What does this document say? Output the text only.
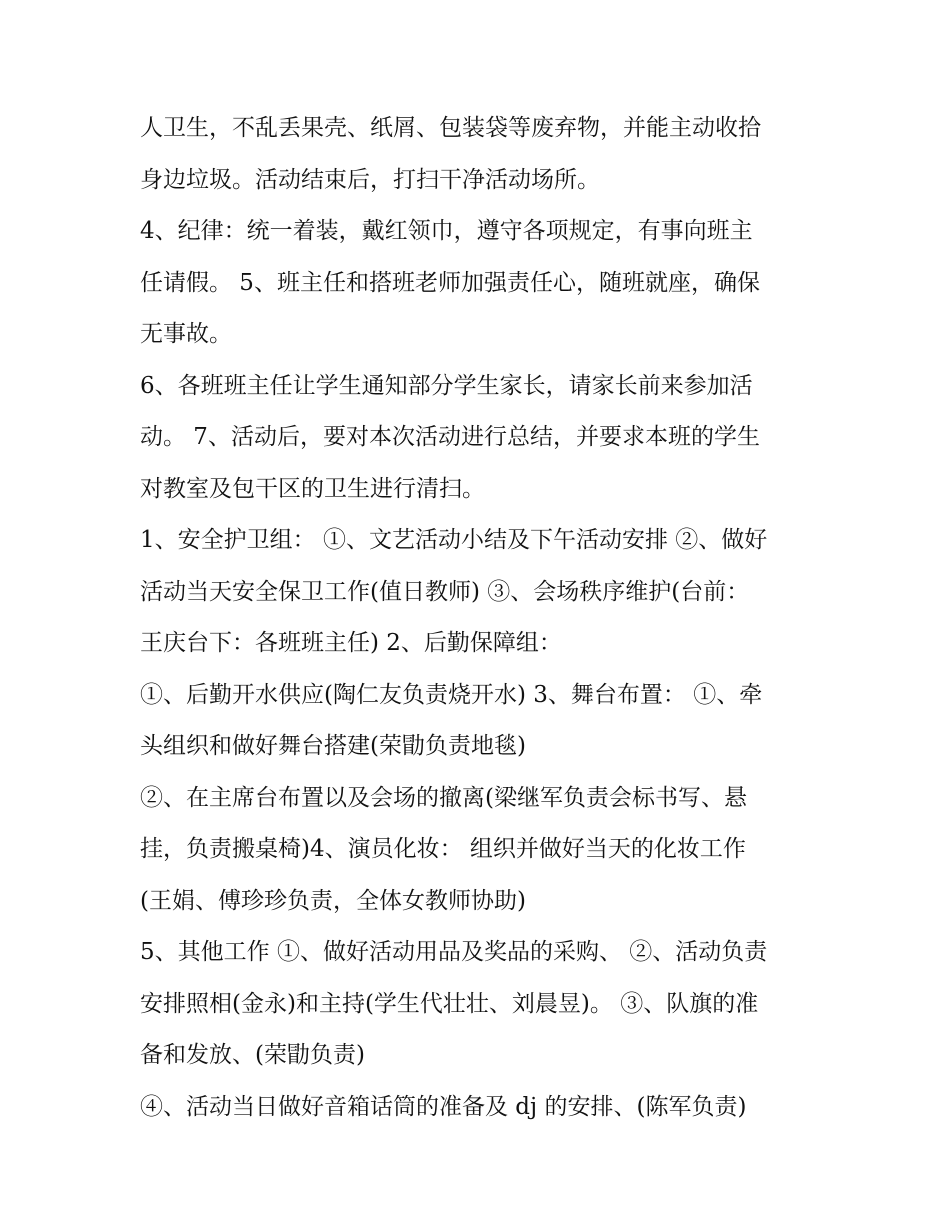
人卫生，不乱丢果壳、纸屑、包装袋等废弃物，并能主动收拾
身边垃圾。活动结束后，打扫干净活动场所。
4、纪律：统一着装，戴红领巾，遵守各项规定，有事向班主
任请假。 5、班主任和搭班老师加强责任心，随班就座，确保
无事故。
6、各班班主任让学生通知部分学生家长，请家长前来参加活
动。 7、活动后，要对本次活动进行总结，并要求本班的学生
对教室及包干区的卫生进行清扫。
1、安全护卫组： ①、文艺活动小结及下午活动安排 ②、做好
活动当天安全保卫工作(值日教师) ③、会场秩序维护(台前：
王庆台下：各班班主任) 2、后勤保障组：
①、后勤开水供应(陶仁友负责烧开水) 3、舞台布置： ①、牵
头组织和做好舞台搭建(荣勖负责地毯)
②、在主席台布置以及会场的撤离(梁继军负责会标书写、悬
挂，负责搬桌椅)4、演员化妆： 组织并做好当天的化妆工作
(王娟、傅珍珍负责，全体女教师协助)
5、其他工作 ①、做好活动用品及奖品的采购、 ②、活动负责
安排照相(金永)和主持(学生代壮壮、刘晨昱)。 ③、队旗的准
备和发放、(荣勖负责)
④、活动当日做好音箱话筒的准备及 dj 的安排、(陈军负责)
